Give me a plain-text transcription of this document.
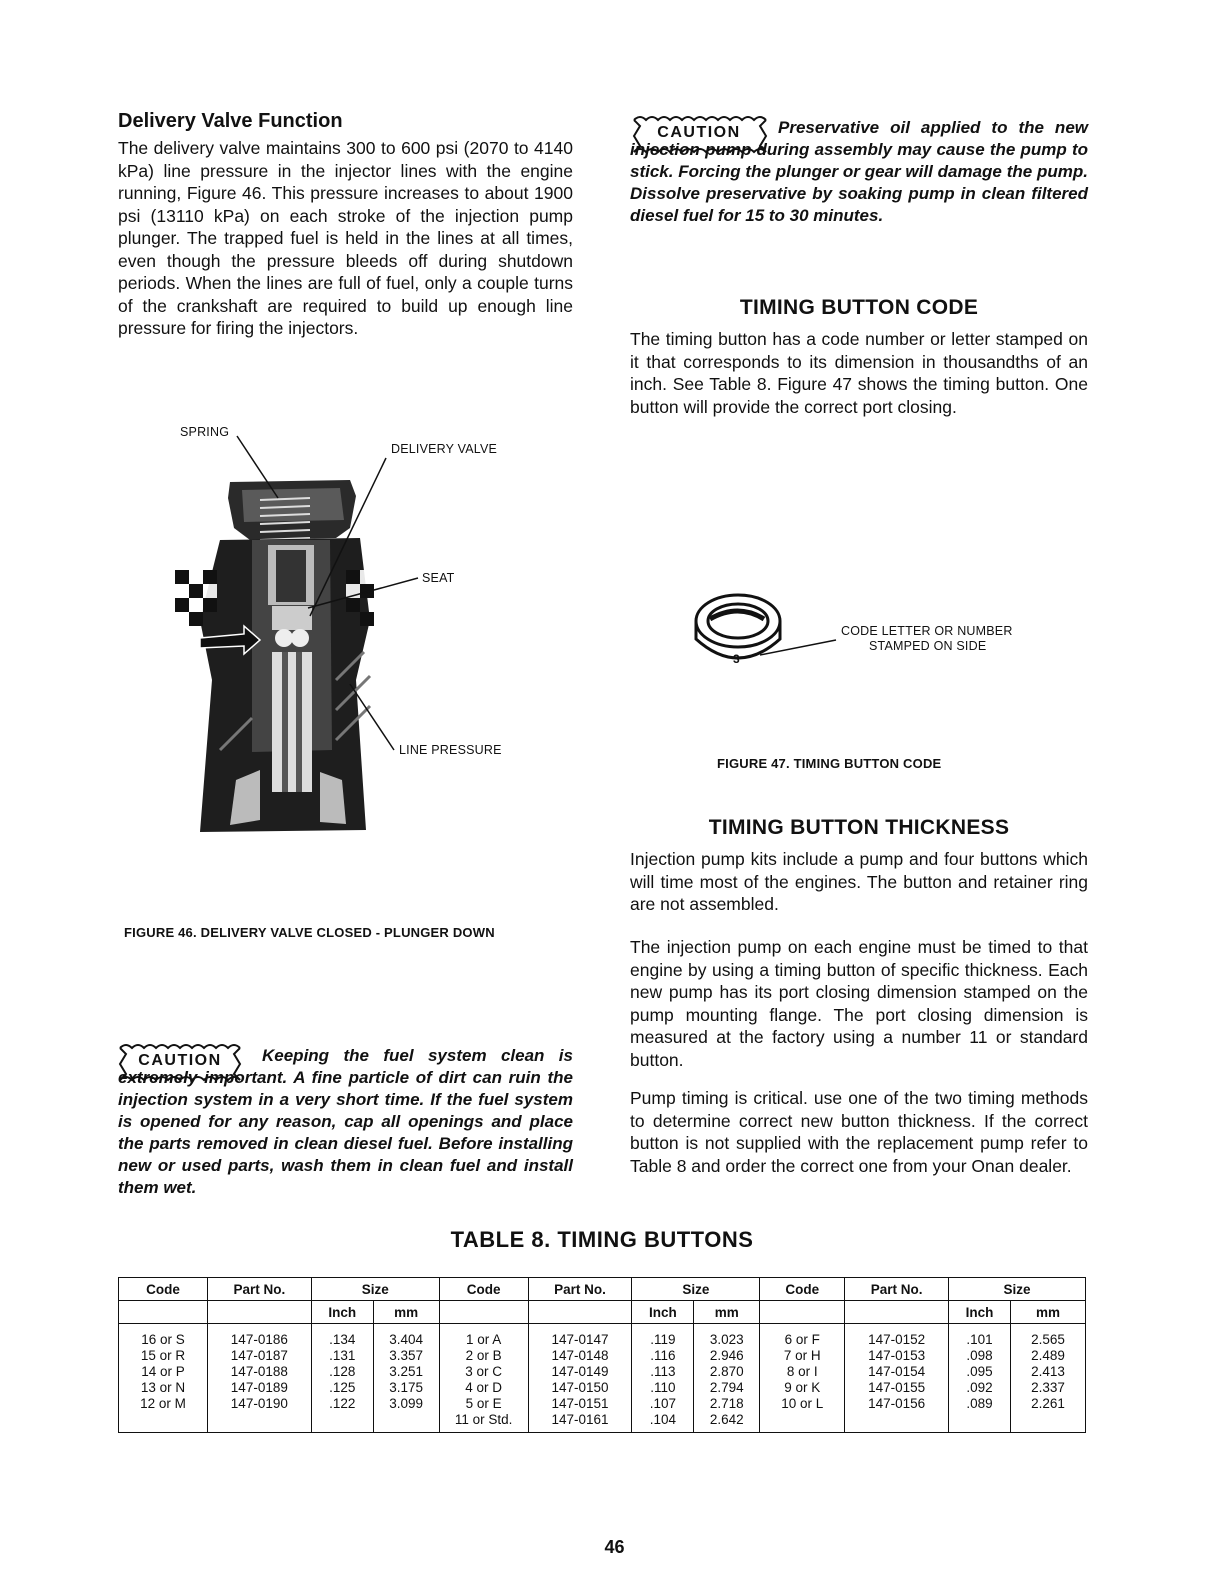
Delivery Valve Function
The delivery valve maintains 300 to 600 psi (2070 to 4140 kPa) line pressure in the injector lines with the engine running, Figure 46. This pressure increases to about 1900 psi (13110 kPa) on each stroke of the injection pump plunger. The trapped fuel is held in the lines at all times, even though the pressure bleeds off during shutdown periods. When the lines are full of fuel, only a couple turns of the crankshaft are required to build up enough line pressure for firing the injectors.
SPRING
DELIVERY VALVE
SEAT
LINE PRESSURE
FIGURE 46. DELIVERY VALVE CLOSED - PLUNGER DOWN
CAUTION	Keeping the fuel system clean is extremely important. A fine particle of dirt can ruin the injection system in a very short time. If the fuel system is opened for any reason, cap all openings and place the parts removed in clean diesel fuel. Before installing new or used parts, wash them in clean fuel and install them wet.
CAUTION	Preservative oil applied to the new injection pump during assembly may cause the pump to stick. Forcing the plunger or gear will damage the pump. Dissolve preservative by soaking pump in clean filtered diesel fuel for 15 to 30 minutes.
TIMING BUTTON CODE
The timing button has a code number or letter stamped on it that corresponds to its dimension in thousandths of an inch. See Table 8. Figure 47 shows the timing button. One button will provide the correct port closing.
3
CODE LETTER OR NUMBER
STAMPED ON SIDE
FIGURE 47. TIMING BUTTON CODE
TIMING BUTTON THICKNESS
Injection pump kits include a pump and four buttons which will time most of the engines. The button and retainer ring are not assembled.
The injection pump on each engine must be timed to that engine by using a timing button of specific thickness. Each new pump has its port closing dimension stamped on the pump mounting flange. The port closing dimension is measured at the factory using a number 11 or standard button.
Pump timing is critical. use one of the two timing methods to determine correct new button thickness. If the correct button is not supplied with the replacement pump refer to Table 8 and order the correct one from your Onan dealer.
TABLE 8. TIMING BUTTONS
Code	Part No.	Size		Code	Part No.	Size		Code	Part No.	Size	
		Inch	mm			Inch	mm			Inch	mm
16 or S	147-0186	.134	3.404	1 or A	147-0147	.119	3.023	6 or F	147-0152	.101	2.565
15 or R	147-0187	.131	3.357	2 or B	147-0148	.116	2.946	7 or H	147-0153	.098	2.489
14 or P	147-0188	.128	3.251	3 or C	147-0149	.113	2.870	8 or I	147-0154	.095	2.413
13 or N	147-0189	.125	3.175	4 or D	147-0150	.110	2.794	9 or K	147-0155	.092	2.337
12 or M	147-0190	.122	3.099	5 or E	147-0151	.107	2.718	10 or L	147-0156	.089	2.261
				11 or Std.	147-0161	.104	2.642				
46
